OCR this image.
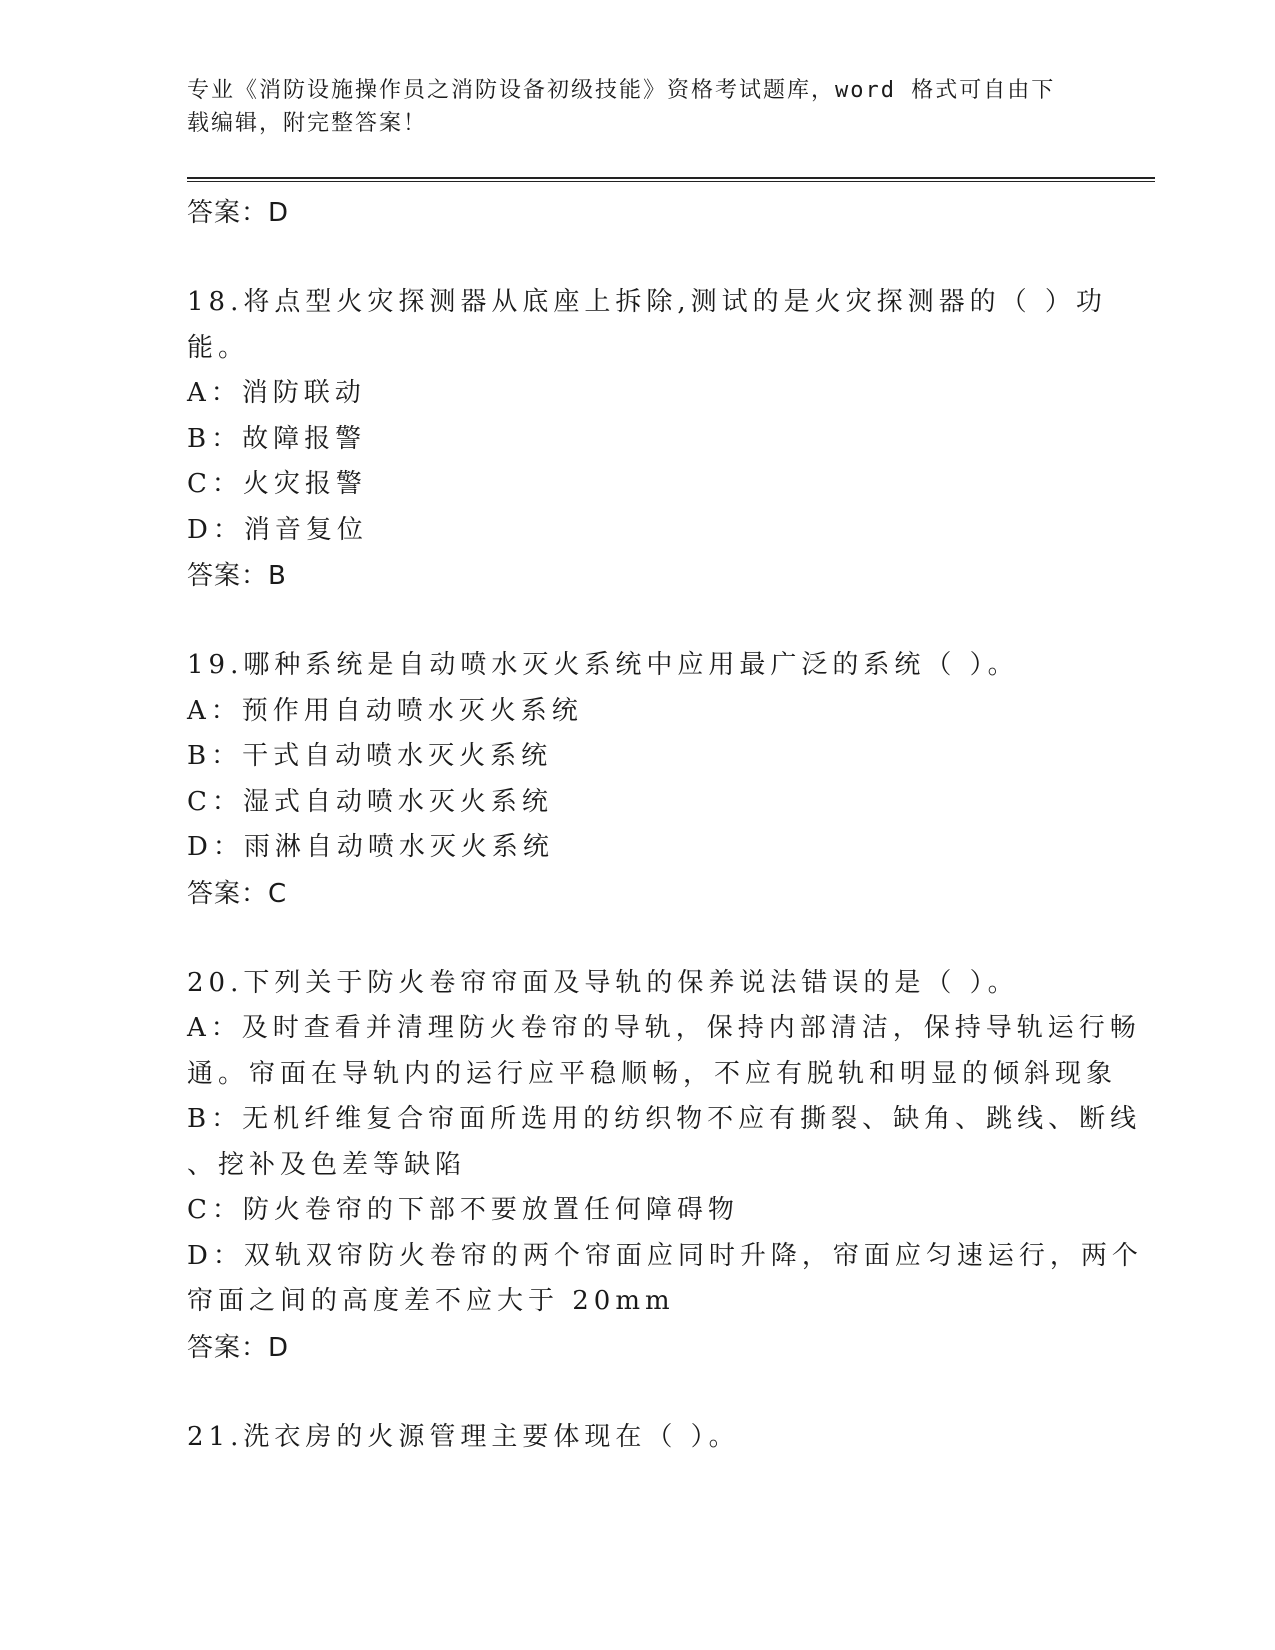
专业《消防设施操作员之消防设备初级技能》资格考试题库，word 格式可自由下
载编辑，附完整答案！
答案：D
18.将点型火灾探测器从底座上拆除,测试的是火灾探测器的（ ）功
能。
A：消防联动
B：故障报警
C：火灾报警
D：消音复位
答案：B
19.哪种系统是自动喷水灭火系统中应用最广泛的系统（ ）。
A：预作用自动喷水灭火系统
B：干式自动喷水灭火系统
C：湿式自动喷水灭火系统
D：雨淋自动喷水灭火系统
答案：C
20.下列关于防火卷帘帘面及导轨的保养说法错误的是（ ）。
A：及时查看并清理防火卷帘的导轨，保持内部清洁，保持导轨运行畅
通。帘面在导轨内的运行应平稳顺畅，不应有脱轨和明显的倾斜现象
B：无机纤维复合帘面所选用的纺织物不应有撕裂、缺角、跳线、断线
、挖补及色差等缺陷
C：防火卷帘的下部不要放置任何障碍物
D：双轨双帘防火卷帘的两个帘面应同时升降，帘面应匀速运行，两个
帘面之间的高度差不应大于 20mm
答案：D
21.洗衣房的火源管理主要体现在（ ）。
